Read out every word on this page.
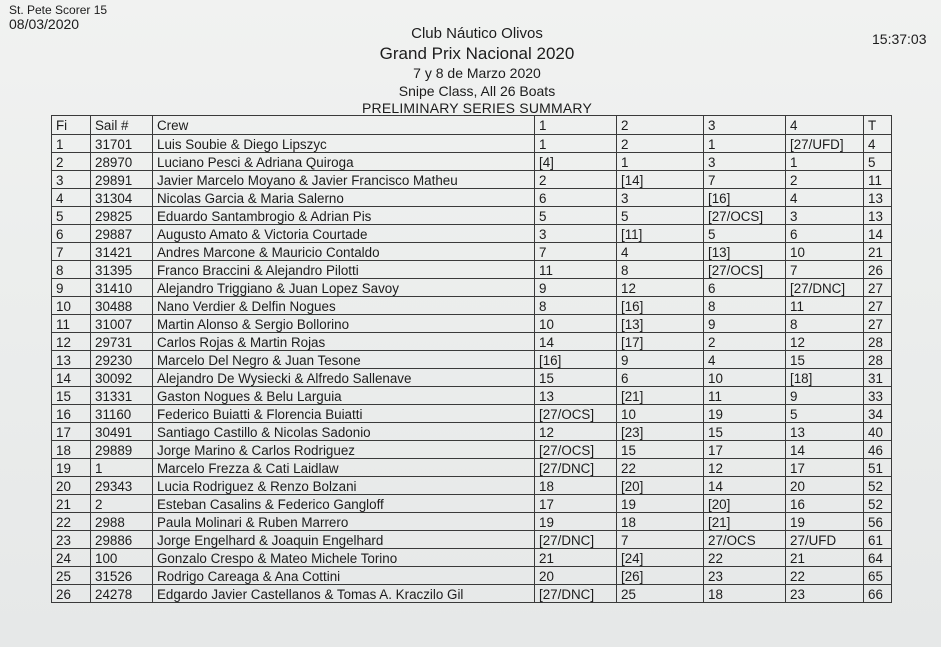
St. Pete Scorer 15
08/03/2020
15:37:03
Club Náutico Olivos
Grand Prix Nacional 2020
7 y 8 de Marzo 2020
Snipe Class, All 26 Boats
PRELIMINARY SERIES SUMMARY
Fi	Sail #	Crew	1	2	3	4	T
1	31701	Luis Soubie & Diego Lipszyc	1	2	1	[27/UFD]	4
2	28970	Luciano Pesci & Adriana Quiroga	[4]	1	3	1	5
3	29891	Javier Marcelo Moyano & Javier Francisco Matheu	2	[14]	7	2	11
4	31304	Nicolas Garcia & Maria Salerno	6	3	[16]	4	13
5	29825	Eduardo Santambrogio & Adrian Pis	5	5	[27/OCS]	3	13
6	29887	Augusto Amato & Victoria Courtade	3	[11]	5	6	14
7	31421	Andres Marcone & Mauricio Contaldo	7	4	[13]	10	21
8	31395	Franco Braccini & Alejandro Pilotti	11	8	[27/OCS]	7	26
9	31410	Alejandro Triggiano & Juan Lopez Savoy	9	12	6	[27/DNC]	27
10	30488	Nano Verdier & Delfin Nogues	8	[16]	8	11	27
11	31007	Martin Alonso & Sergio Bollorino	10	[13]	9	8	27
12	29731	Carlos Rojas & Martin Rojas	14	[17]	2	12	28
13	29230	Marcelo Del Negro & Juan Tesone	[16]	9	4	15	28
14	30092	Alejandro De Wysiecki & Alfredo Sallenave	15	6	10	[18]	31
15	31331	Gaston Nogues & Belu Larguia	13	[21]	11	9	33
16	31160	Federico Buiatti & Florencia Buiatti	[27/OCS]	10	19	5	34
17	30491	Santiago Castillo & Nicolas Sadonio	12	[23]	15	13	40
18	29889	Jorge Marino & Carlos Rodriguez	[27/OCS]	15	17	14	46
19	1	Marcelo Frezza & Cati Laidlaw	[27/DNC]	22	12	17	51
20	29343	Lucia Rodriguez & Renzo Bolzani	18	[20]	14	20	52
21	2	Esteban Casalins & Federico Gangloff	17	19	[20]	16	52
22	2988	Paula Molinari & Ruben Marrero	19	18	[21]	19	56
23	29886	Jorge Engelhard & Joaquin Engelhard	[27/DNC]	7	27/OCS	27/UFD	61
24	100	Gonzalo Crespo & Mateo Michele Torino	21	[24]	22	21	64
25	31526	Rodrigo Careaga & Ana Cottini	20	[26]	23	22	65
26	24278	Edgardo Javier Castellanos & Tomas A. Kraczilo Gil	[27/DNC]	25	18	23	66
